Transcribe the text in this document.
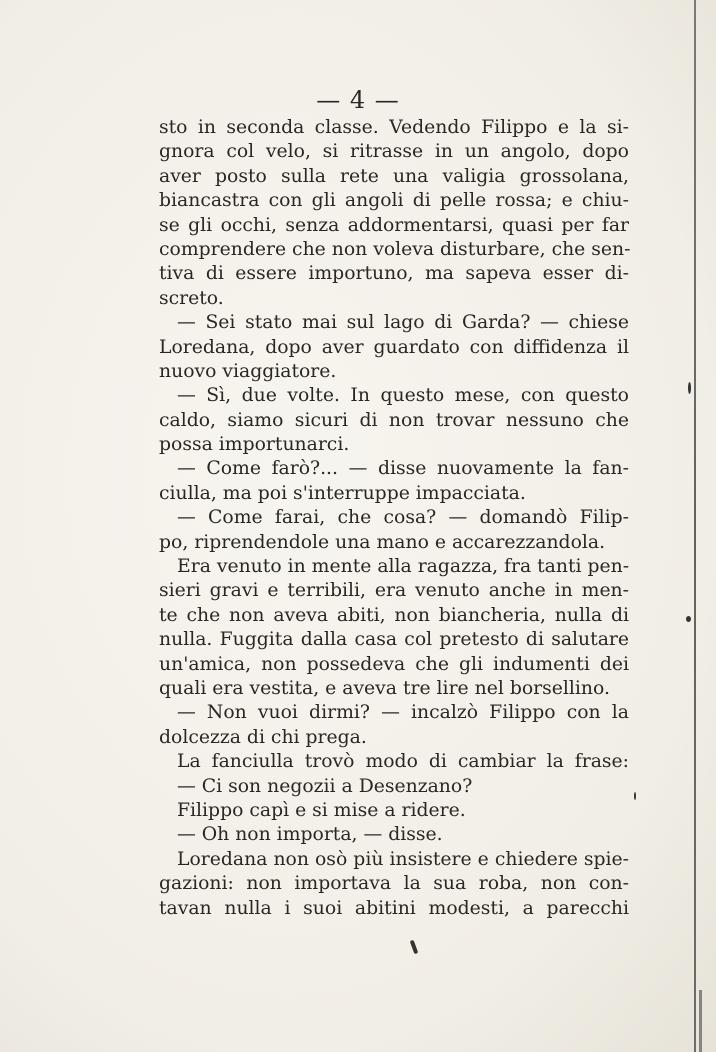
— 4 —
sto in seconda classe. Vedendo Filippo e la si-
gnora col velo, si ritrasse in un angolo, dopo
aver posto sulla rete una valigia grossolana,
biancastra con gli angoli di pelle rossa; e chiu-
se gli occhi, senza addormentarsi, quasi per far
comprendere che non voleva disturbare, che sen-
tiva di essere importuno, ma sapeva esser di-
screto.
— Sei stato mai sul lago di Garda? — chiese
Loredana, dopo aver guardato con diffidenza il
nuovo viaggiatore.
— Sì, due volte. In questo mese, con questo
caldo, siamo sicuri di non trovar nessuno che
possa importunarci.
— Come farò?... — disse nuovamente la fan-
ciulla, ma poi s'interruppe impacciata.
— Come farai, che cosa? — domandò Filip-
po, riprendendole una mano e accarezzandola.
Era venuto in mente alla ragazza, fra tanti pen-
sieri gravi e terribili, era venuto anche in men-
te che non aveva abiti, non biancheria, nulla di
nulla. Fuggita dalla casa col pretesto di salutare
un'amica, non possedeva che gli indumenti dei
quali era vestita, e aveva tre lire nel borsellino.
— Non vuoi dirmi? — incalzò Filippo con la
dolcezza di chi prega.
La fanciulla trovò modo di cambiar la frase:
— Ci son negozii a Desenzano?
Filippo capì e si mise a ridere.
— Oh non importa, — disse.
Loredana non osò più insistere e chiedere spie-
gazioni: non importava la sua roba, non con-
tavan nulla i suoi abitini modesti, a parecchi
